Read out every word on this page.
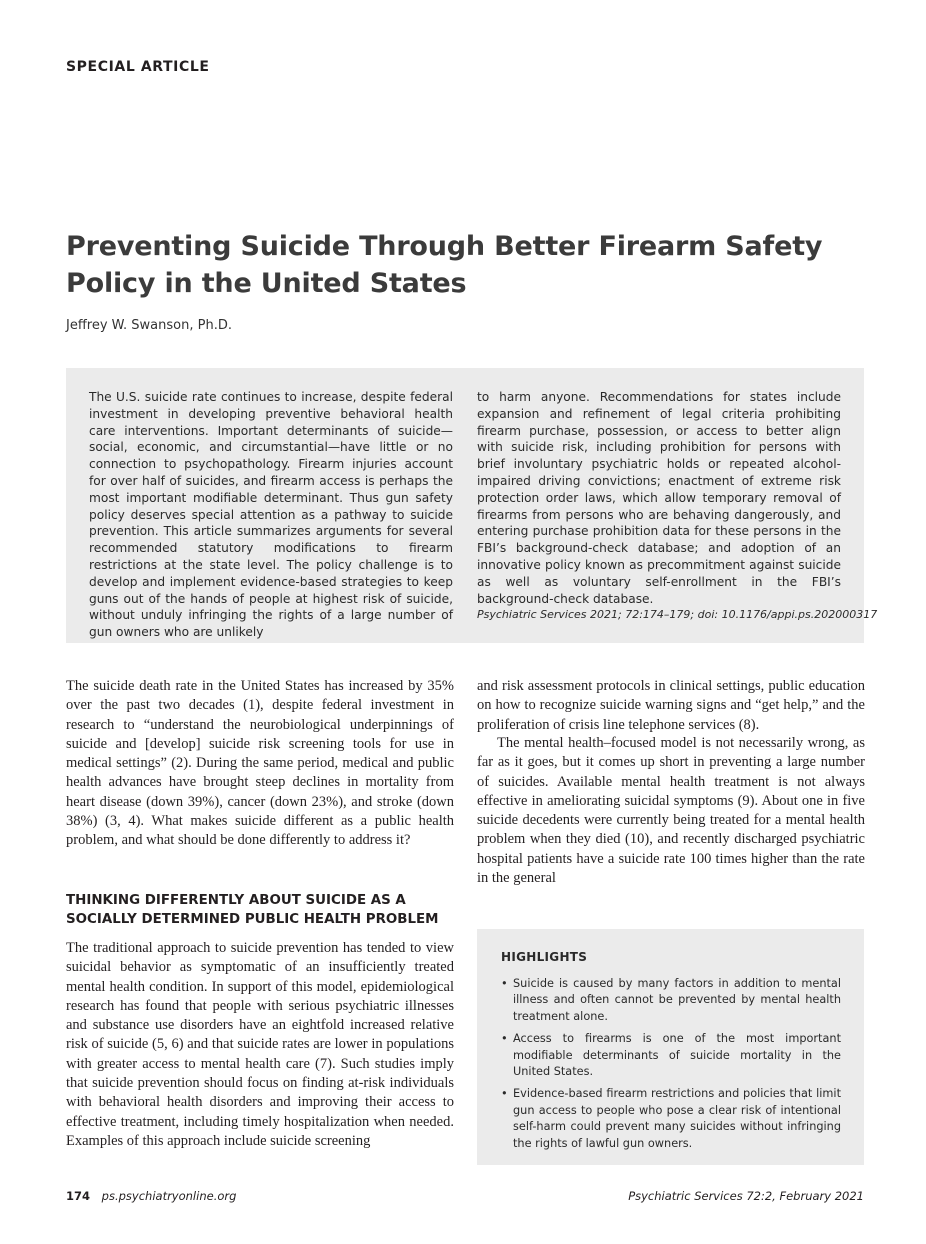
SPECIAL ARTICLE
Preventing Suicide Through Better Firearm Safety Policy in the United States
Jeffrey W. Swanson, Ph.D.

The U.S. suicide rate continues to increase, despite federal investment in developing preventive behavioral health care interventions. Important determinants of suicide—social, economic, and circumstantial—have little or no connection to psychopathology. Firearm injuries account for over half of suicides, and firearm access is perhaps the most important modifiable determinant. Thus gun safety policy deserves special attention as a pathway to suicide prevention. This article summarizes arguments for several recommended statutory modifications to firearm restrictions at the state level. The policy challenge is to develop and implement evidence-based strategies to keep guns out of the hands of people at highest risk of suicide, without unduly infringing the rights of a large number of gun owners who are unlikely

to harm anyone. Recommendations for states include expansion and refinement of legal criteria prohibiting firearm purchase, possession, or access to better align with suicide risk, including prohibition for persons with brief involuntary psychiatric holds or repeated alcohol-impaired driving convictions; enactment of extreme risk protection order laws, which allow temporary removal of firearms from persons who are behaving dangerously, and entering purchase prohibition data for these persons in the FBI’s background-check database; and adoption of an innovative policy known as precommitment against suicide as well as voluntary self-enrollment in the FBI’s background-check database.

Psychiatric Services 2021; 72:174–179; doi: 10.1176/appi.ps.202000317

The suicide death rate in the United States has increased by 35% over the past two decades (1), despite federal investment in research to “understand the neurobiological underpinnings of suicide and [develop] suicide risk screening tools for use in medical settings” (2). During the same period, medical and public health advances have brought steep declines in mortality from heart disease (down 39%), cancer (down 23%), and stroke (down 38%) (3, 4). What makes suicide different as a public health problem, and what should be done differently to address it?

THINKING DIFFERENTLY ABOUT SUICIDE AS A SOCIALLY DETERMINED PUBLIC HEALTH PROBLEM

The traditional approach to suicide prevention has tended to view suicidal behavior as symptomatic of an insufficiently treated mental health condition. In support of this model, epidemiological research has found that people with serious psychiatric illnesses and substance use disorders have an eightfold increased relative risk of suicide (5, 6) and that suicide rates are lower in populations with greater access to mental health care (7). Such studies imply that suicide prevention should focus on finding at-risk individuals with behavioral health disorders and improving their access to effective treatment, including timely hospitalization when needed. Examples of this approach include suicide screening

and risk assessment protocols in clinical settings, public education on how to recognize suicide warning signs and “get help,” and the proliferation of crisis line telephone services (8).

The mental health–focused model is not necessarily wrong, as far as it goes, but it comes up short in preventing a large number of suicides. Available mental health treatment is not always effective in ameliorating suicidal symptoms (9). About one in five suicide decedents were currently being treated for a mental health problem when they died (10), and recently discharged psychiatric hospital patients have a suicide rate 100 times higher than the rate in the general

HIGHLIGHTS
• Suicide is caused by many factors in addition to mental illness and often cannot be prevented by mental health treatment alone.
• Access to firearms is one of the most important modifiable determinants of suicide mortality in the United States.
• Evidence-based firearm restrictions and policies that limit gun access to people who pose a clear risk of intentional self-harm could prevent many suicides without infringing the rights of lawful gun owners.
174 ps.psychiatryonline.org	Psychiatric Services 72:2, February 2021
